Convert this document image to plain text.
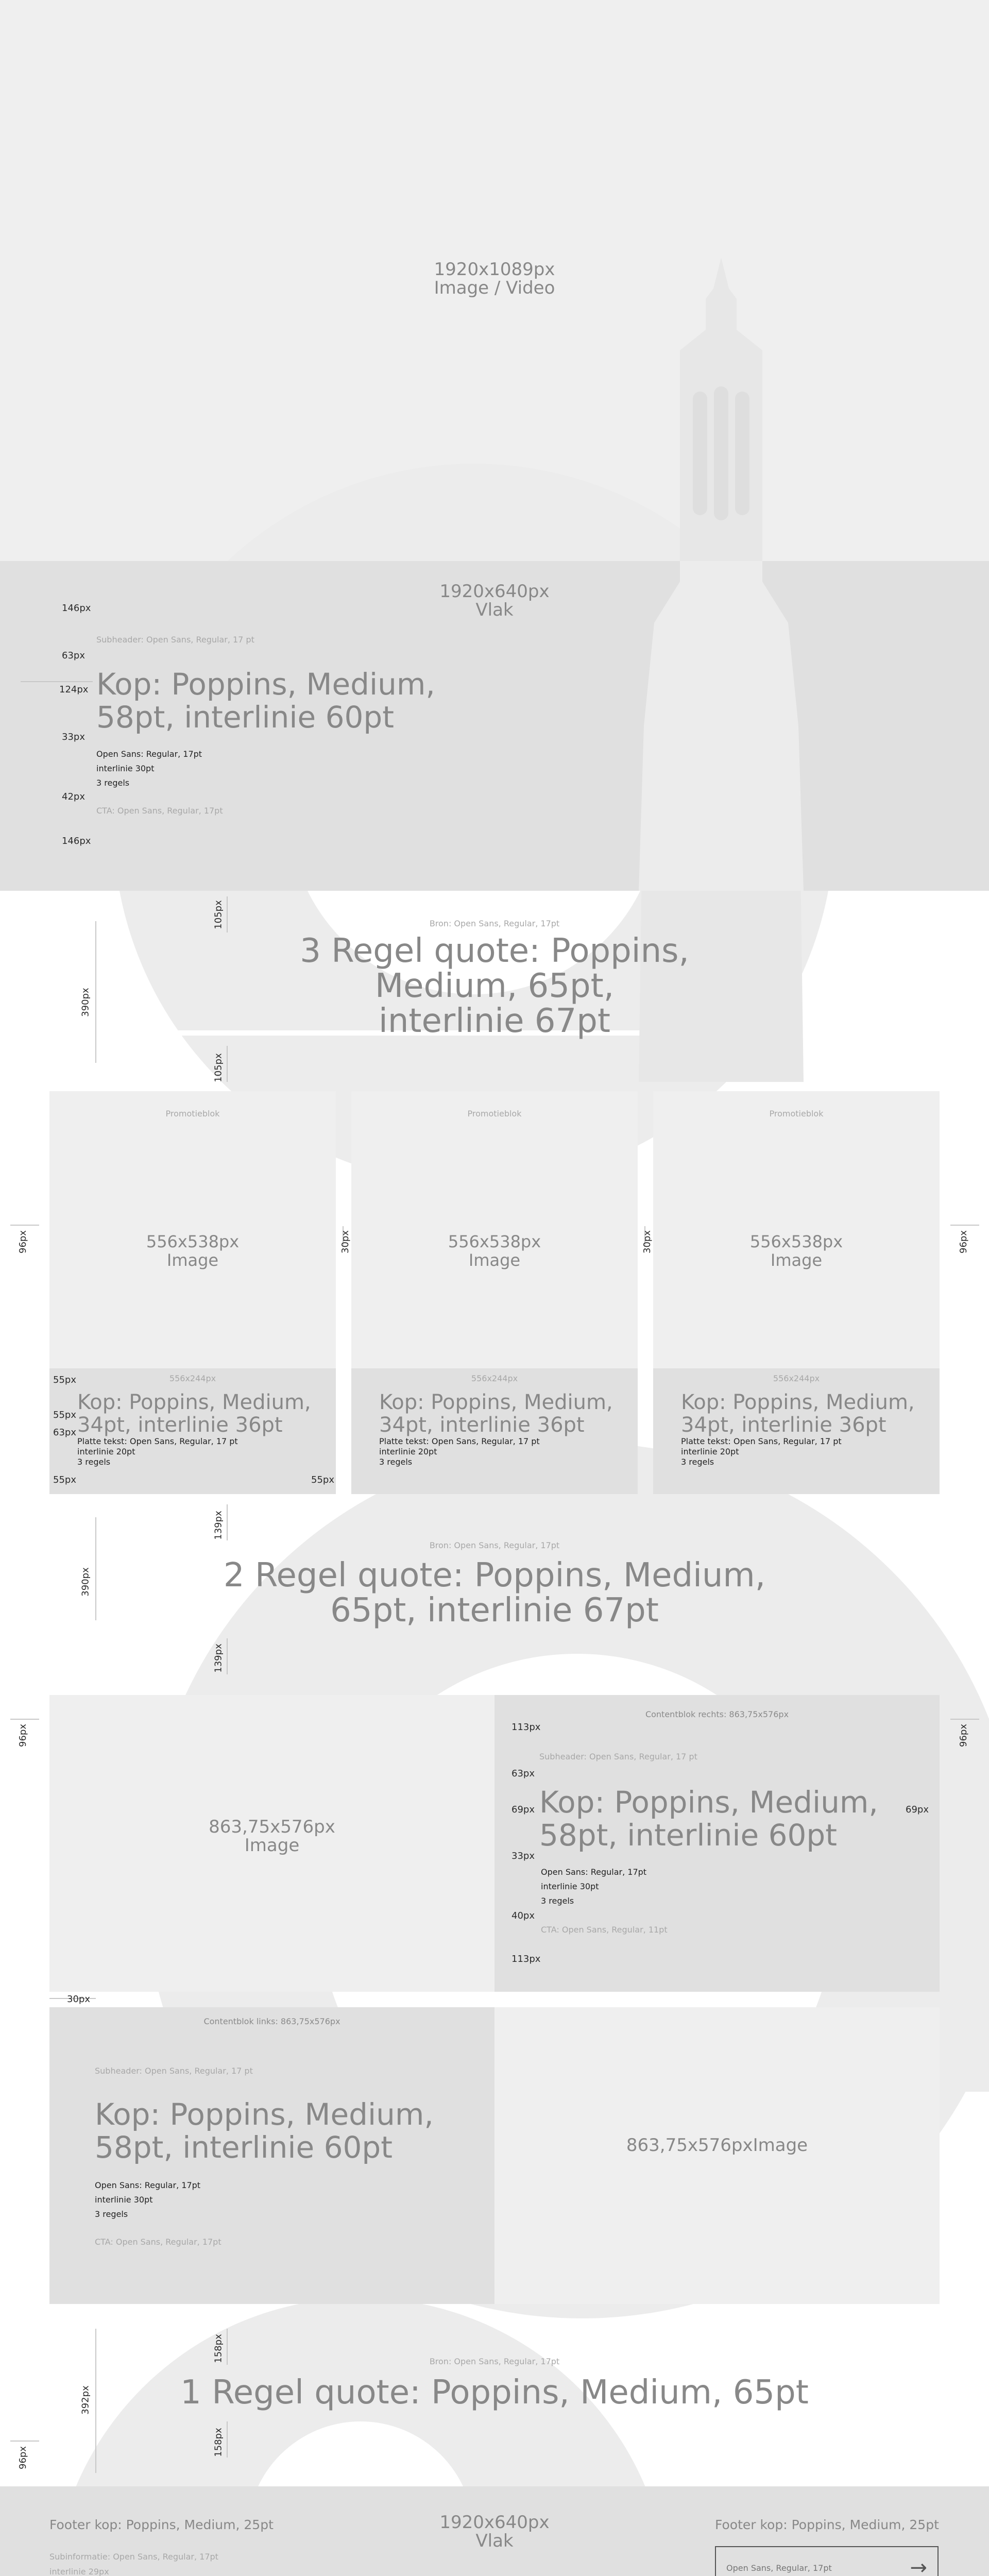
1920x1089px
Image / Video
1920x640px
Vlak
146px
63px
124px
33px
42px
146px
Subheader: Open Sans, Regular, 17 pt
Kop: Poppins, Medium,
58pt, interlinie 60pt
Open Sans: Regular, 17pt
interlinie 30pt
3 regels
CTA: Open Sans, Regular, 17pt
390px
105px
105px
Bron: Open Sans, Regular, 17pt
3 Regel quote: Poppins,
Medium, 65pt,
interlinie 67pt
96px	96px
Promotieblok
556x538px
Image
556x244px
Kop: Poppins, Medium,
34pt, interlinie 36pt
Platte tekst: Open Sans, Regular, 17 pt
interlinie 20pt
3 regels
55px
55px
63px
55px	55px
30px
Promotieblok
556x538px
Image
556x244px
Kop: Poppins, Medium,
34pt, interlinie 36pt
Platte tekst: Open Sans, Regular, 17 pt
interlinie 20pt
3 regels
30px
Promotieblok
556x538px
Image
556x244px
Kop: Poppins, Medium,
34pt, interlinie 36pt
Platte tekst: Open Sans, Regular, 17 pt
interlinie 20pt
3 regels
390px
139px
139px
Bron: Open Sans, Regular, 17pt
2 Regel quote: Poppins, Medium,
65pt, interlinie 67pt
96px	96px
863,75x576px
Image
Contentblok rechts: 863,75x576px
113px
Subheader: Open Sans, Regular, 17 pt
63px
Kop: Poppins, Medium,
58pt, interlinie 60pt
69px	69px
33px
Open Sans: Regular, 17pt
interlinie 30pt
3 regels
40px
CTA: Open Sans, Regular, 11pt
113px
30px
Contentblok links: 863,75x576px
Subheader: Open Sans, Regular, 17 pt
Kop: Poppins, Medium,
58pt, interlinie 60pt
Open Sans: Regular, 17pt
interlinie 30pt
3 regels
CTA: Open Sans, Regular, 17pt
863,75x576pxImage
392px
158px
158px
Bron: Open Sans, Regular, 17pt
1 Regel quote: Poppins, Medium, 65pt
96px
1920x640px
Vlak
Footer kop: Poppins, Medium, 25pt
Subinformatie: Open Sans, Regular, 17pt
interlinie 29px
Footer kop: Poppins, Medium, 25pt
Open Sans, Regular, 17pt
→
